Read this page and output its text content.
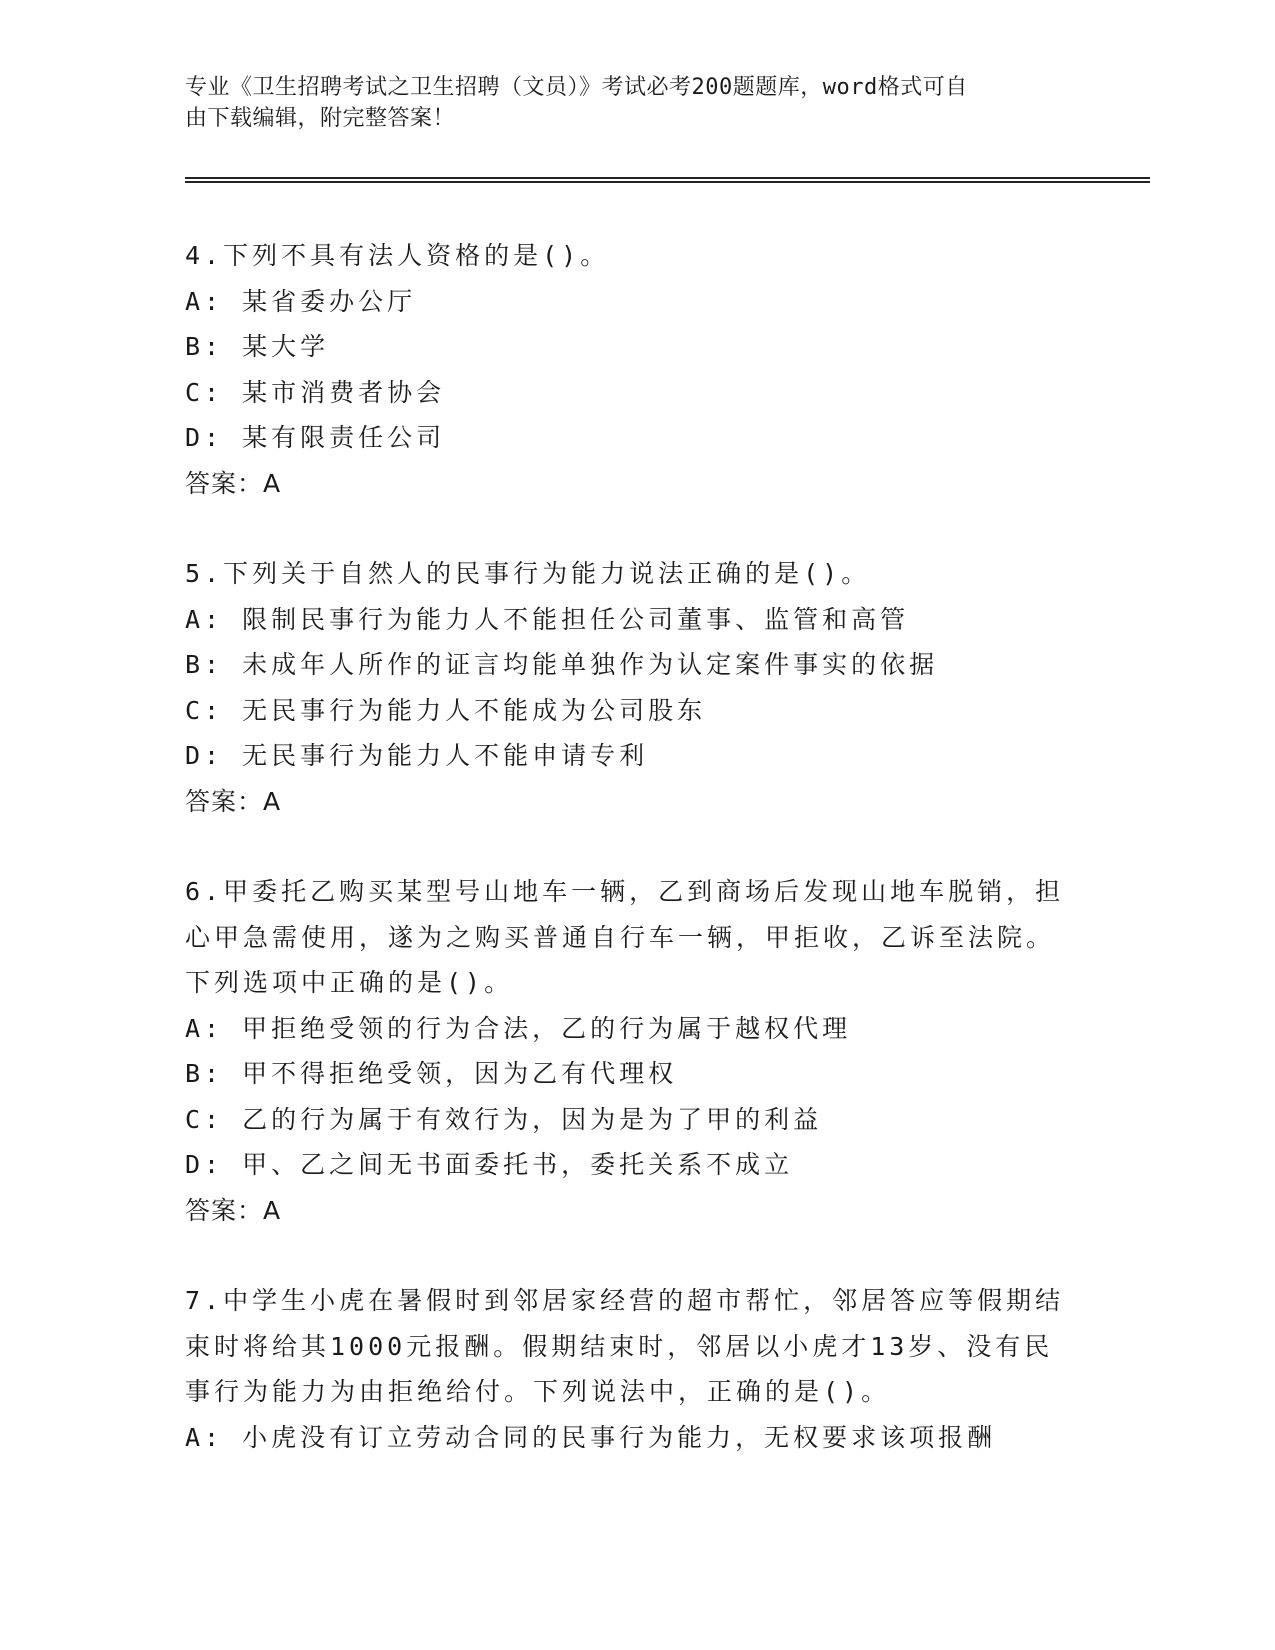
专业《卫生招聘考试之卫生招聘（文员）》考试必考200题题库，word格式可自
由下载编辑，附完整答案！
4.下列不具有法人资格的是()。
A: 某省委办公厅
B: 某大学
C: 某市消费者协会
D: 某有限责任公司
答案：A
5.下列关于自然人的民事行为能力说法正确的是()。
A: 限制民事行为能力人不能担任公司董事、监管和高管
B: 未成年人所作的证言均能单独作为认定案件事实的依据
C: 无民事行为能力人不能成为公司股东
D: 无民事行为能力人不能申请专利
答案：A
6.甲委托乙购买某型号山地车一辆，乙到商场后发现山地车脱销，担
心甲急需使用，遂为之购买普通自行车一辆，甲拒收，乙诉至法院。
下列选项中正确的是()。
A: 甲拒绝受领的行为合法，乙的行为属于越权代理
B: 甲不得拒绝受领，因为乙有代理权
C: 乙的行为属于有效行为，因为是为了甲的利益
D: 甲、乙之间无书面委托书，委托关系不成立
答案：A
7.中学生小虎在暑假时到邻居家经营的超市帮忙，邻居答应等假期结
束时将给其1000元报酬。假期结束时，邻居以小虎才13岁、没有民
事行为能力为由拒绝给付。下列说法中，正确的是()。
A: 小虎没有订立劳动合同的民事行为能力，无权要求该项报酬
